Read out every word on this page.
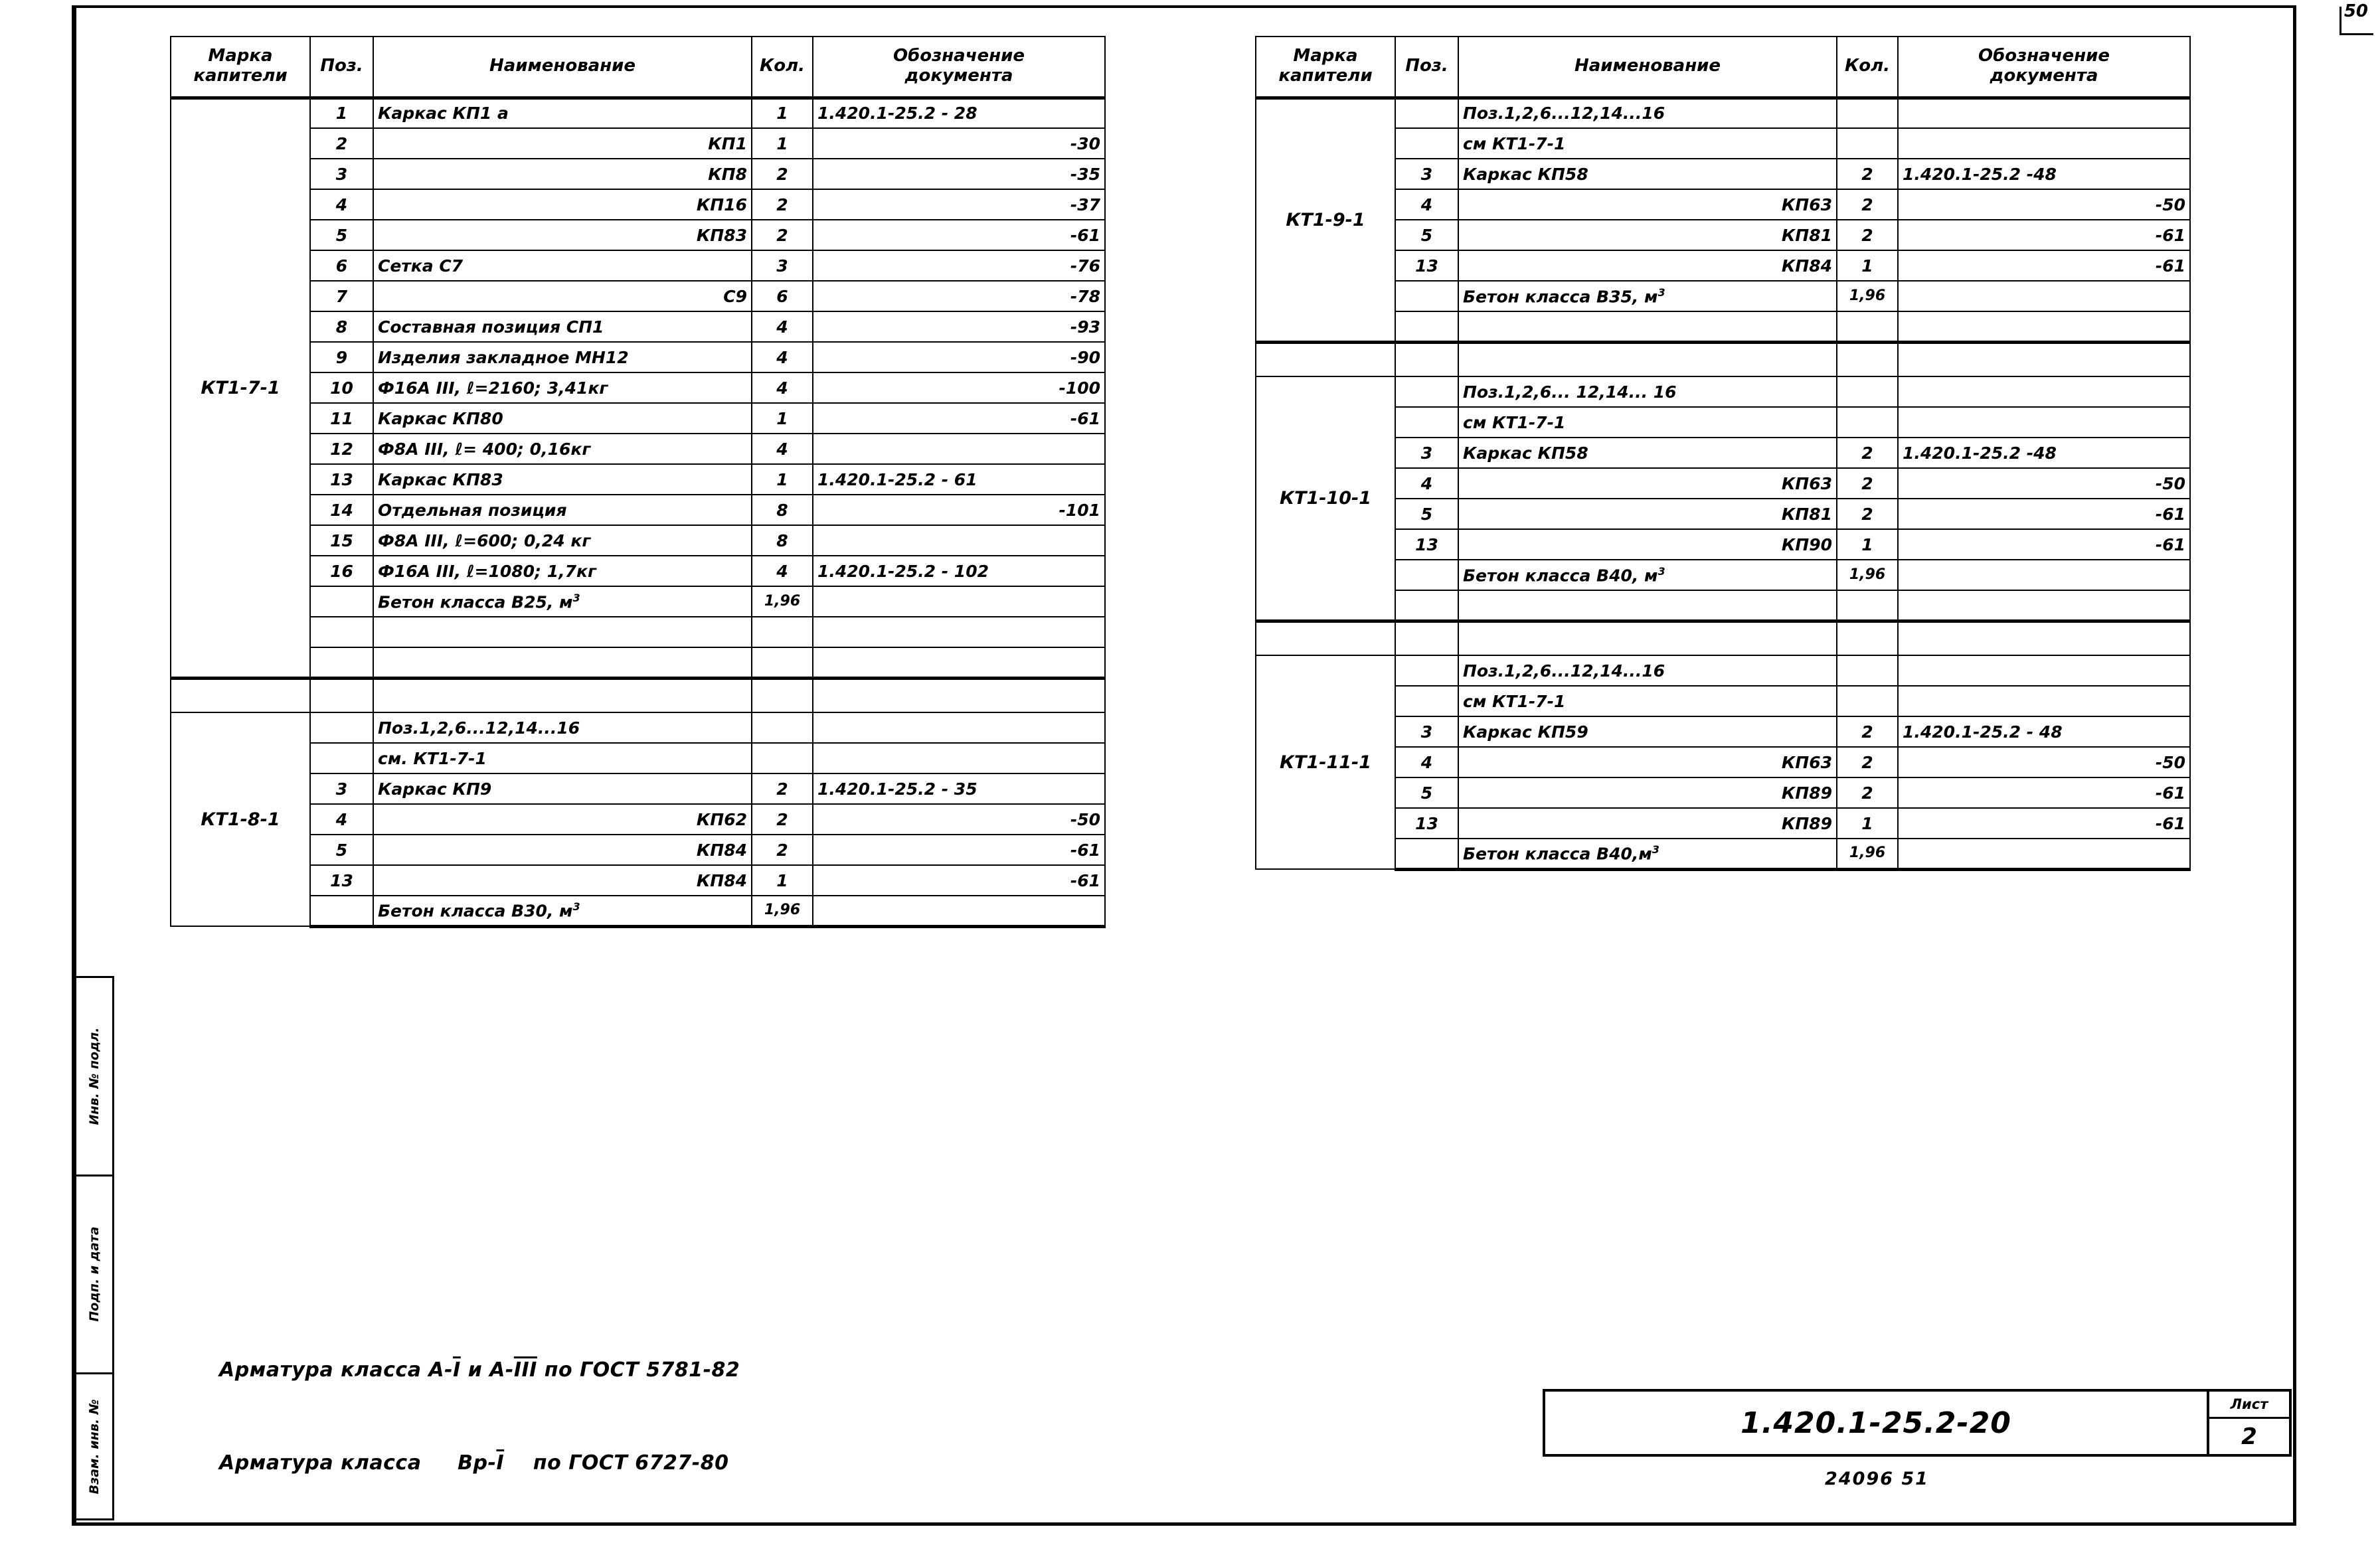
50
Инв. № подл.
Подп. и дата
Взам. инв. №
Марка
капители	Поз.	Наименование	Кол.	Обозначение
документа
КТ1-7-1	1	Каркас КП1 а	1	1.420.1-25.2 - 28
	2	КП1	1	-30
	3	КП8	2	-35
	4	КП16	2	-37
	5	КП83	2	-61
	6	Сетка С7	3	-76
	7	С9	6	-78
	8	Составная позиция СП1	4	-93
	9	Изделия закладное МН12	4	-90
	10	Ф16А III, ℓ=2160; 3,41кг	4	-100
	11	Каркас КП80	1	-61
	12	Ф8А III, ℓ= 400; 0,16кг	4	
	13	Каркас КП83	1	1.420.1-25.2 - 61
	14	Отдельная позиция	8	-101
	15	Ф8А III, ℓ=600; 0,24 кг	8	
	16	Ф16А III, ℓ=1080; 1,7кг	4	1.420.1-25.2 - 102
		Бетон класса В25, $м^3$	1,96	

КТ1-8-1		Поз.1,2,6...12,14...16		
		см. КТ1-7-1		
	3	Каркас КП9	2	1.420.1-25.2 - 35
	4	КП62	2	-50
	5	КП84	2	-61
	13	КП84	1	-61
		Бетон класса В30, $м^3$	1,96	
Марка
капители	Поз.	Наименование	Кол.	Обозначение
документа
КТ1-9-1		Поз.1,2,6...12,14...16		
		см КТ1-7-1		
	3	Каркас КП58	2	1.420.1-25.2 -48
	4	КП63	2	-50
	5	КП81	2	-61
	13	КП84	1	-61
		Бетон класса В35, $м^3$	1,96	

КТ1-10-1		Поз.1,2,6... 12,14... 16		
		см КТ1-7-1		
	3	Каркас КП58	2	1.420.1-25.2 -48
	4	КП63	2	-50
	5	КП81	2	-61
	13	КП90	1	-61
		Бетон класса В40, $м^3$	1,96	

КТ1-11-1		Поз.1,2,6...12,14...16		
		см КТ1-7-1		
	3	Каркас КП59	2	1.420.1-25.2 - 48
	4	КП63	2	-50
	5	КП89	2	-61
	13	КП89	1	-61
		Бетон класса $В40,м^3$	1,96	

Арматура класса $А-\overline{I}$ и $А-\overline{III}$ по ГОСТ 5781-82

Арматура класса     $Вр-\overline{I}$    по ГОСТ 6727-80

1.420.1-25.2-20
Лист
2
24096 51
